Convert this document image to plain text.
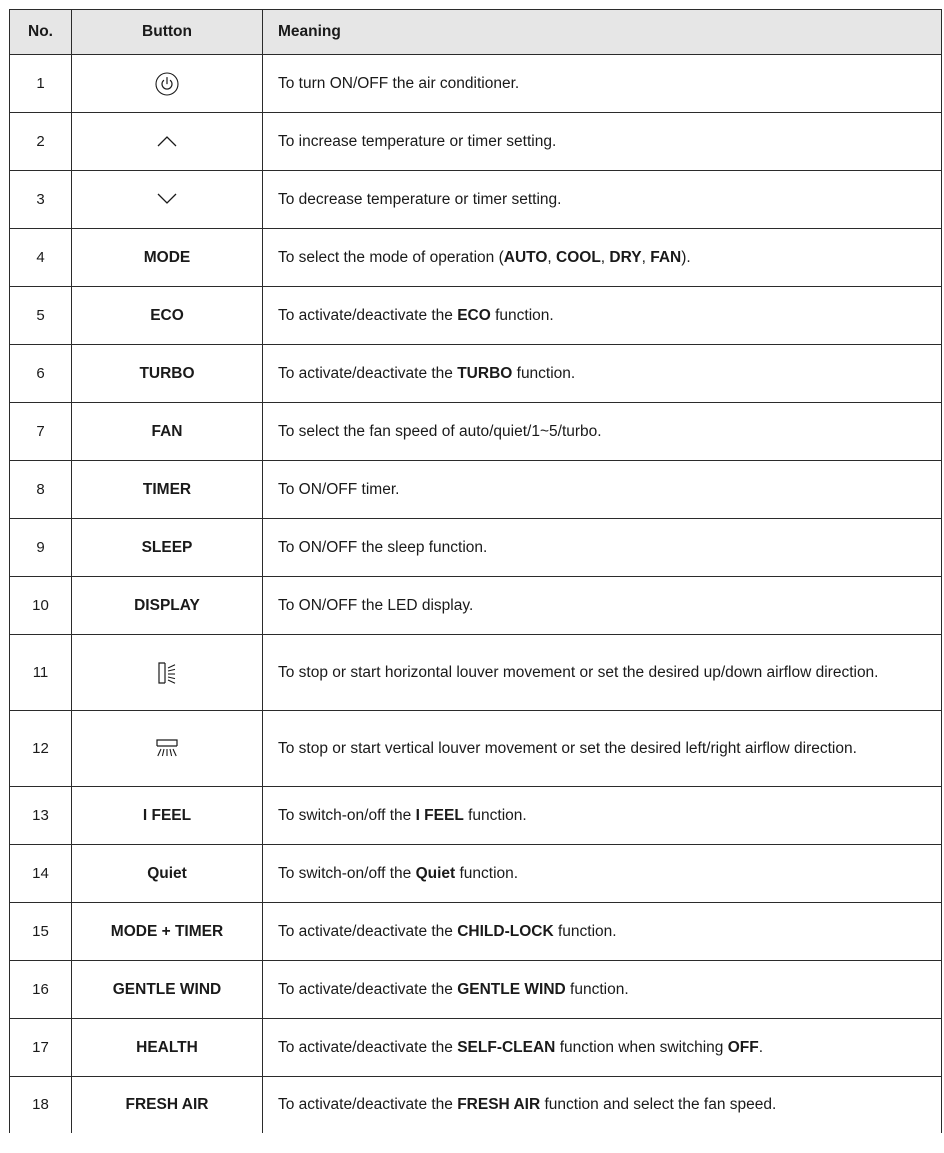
No.	Button	Meaning
1		To turn ON/OFF the air conditioner.
2		To increase temperature or timer setting.
3		To decrease temperature or timer setting.
4	MODE	To select the mode of operation (AUTO, COOL, DRY, FAN).
5	ECO	To activate/deactivate the ECO function.
6	TURBO	To activate/deactivate the TURBO function.
7	FAN	To select the fan speed of auto/quiet/1~5/turbo.
8	TIMER	To ON/OFF timer.
9	SLEEP	To ON/OFF the sleep function.
10	DISPLAY	To ON/OFF the LED display.
11		To stop or start horizontal louver movement or set the desired up/down airflow direction.
12		To stop or start vertical louver movement or set the desired left/right airflow direction.
13	I FEEL	To switch-on/off the I FEEL function.
14	Quiet	To switch-on/off the Quiet function.
15	MODE + TIMER	To activate/deactivate the CHILD-LOCK function.
16	GENTLE WIND	To activate/deactivate the GENTLE WIND function.
17	HEALTH	To activate/deactivate the SELF-CLEAN function when switching OFF.
18	FRESH AIR	To activate/deactivate the FRESH AIR function and select the fan speed.
